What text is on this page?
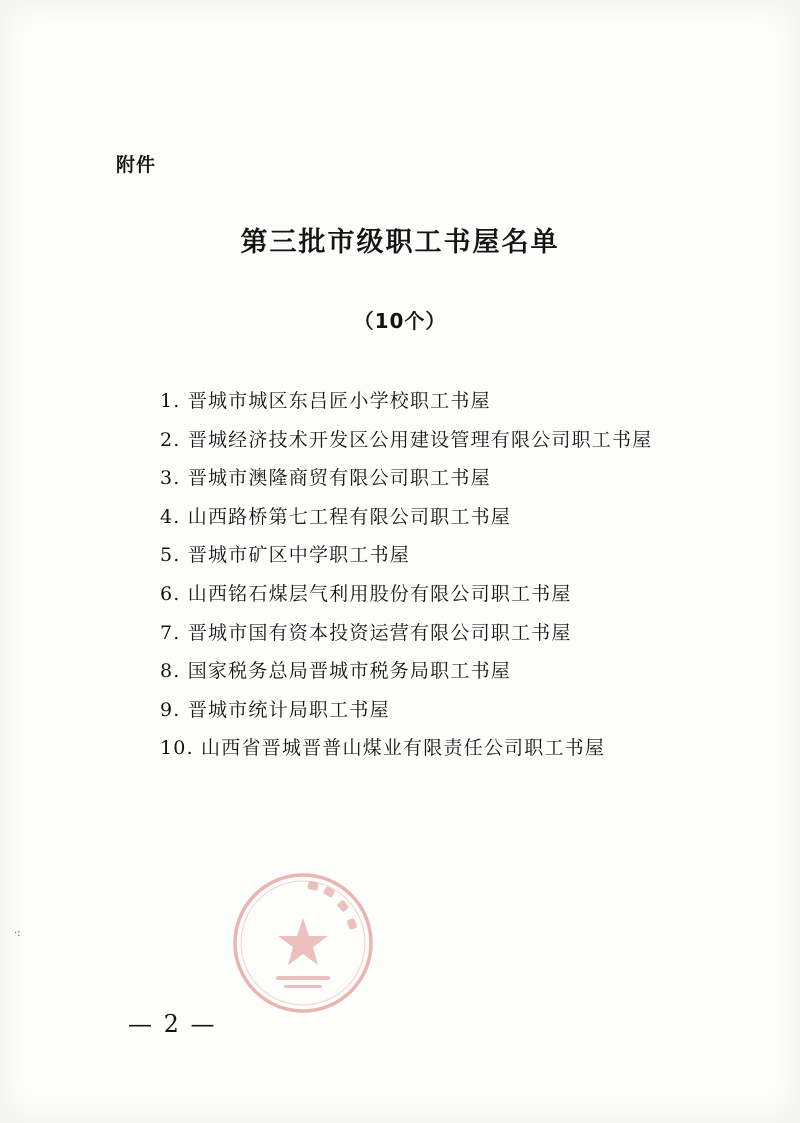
附件
第三批市级职工书屋名单
（10个）
1. 晋城市城区东吕匠小学校职工书屋
2. 晋城经济技术开发区公用建设管理有限公司职工书屋
3. 晋城市澳隆商贸有限公司职工书屋
4. 山西路桥第七工程有限公司职工书屋
5. 晋城市矿区中学职工书屋
6. 山西铭石煤层气利用股份有限公司职工书屋
7. 晋城市国有资本投资运营有限公司职工书屋
8. 国家税务总局晋城市税务局职工书屋
9. 晋城市统计局职工书屋
10. 山西省晋城晋普山煤业有限责任公司职工书屋
·:
— 2 —
